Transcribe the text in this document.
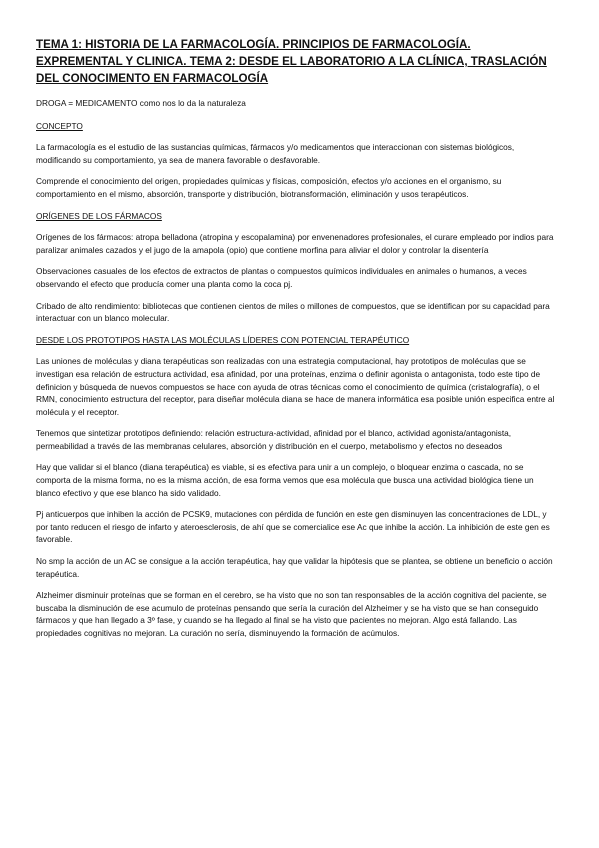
TEMA 1: HISTORIA DE LA FARMACOLOGÍA. PRINCIPIOS DE FARMACOLOGÍA. EXPREMENTAL Y CLINICA. TEMA 2: DESDE EL LABORATORIO A LA CLÍNICA, TRASLACIÓN DEL CONOCIMENTO EN FARMACOLOGÍA

DROGA = MEDICAMENTO como nos lo da la naturaleza

CONCEPTO

La farmacología es el estudio de las sustancias químicas, fármacos y/o medicamentos que interaccionan con sistemas biológicos, modificando su comportamiento, ya sea de manera favorable o desfavorable.

Comprende el conocimiento del origen, propiedades químicas y físicas, composición, efectos y/o acciones en el organismo, su comportamiento en el mismo, absorción, transporte y distribución, biotransformación, eliminación y usos terapéuticos.

ORÍGENES DE LOS FÁRMACOS

Orígenes de los fármacos: atropa belladona (atropina y escopalamina) por envenenadores profesionales, el curare empleado por indios para paralizar animales cazados y el jugo de la amapola (opio) que contiene morfina para aliviar el dolor y controlar la disentería

Observaciones casuales de los efectos de extractos de plantas o compuestos químicos individuales en animales o humanos, a veces observando el efecto que producía comer una planta como la coca pj.

Cribado de alto rendimiento: bibliotecas que contienen cientos de miles o millones de compuestos, que se identifican por su capacidad para interactuar con un blanco molecular.

DESDE LOS PROTOTIPOS HASTA LAS MOLÉCULAS LÍDERES CON POTENCIAL TERAPÉUTICO

Las uniones de moléculas y diana terapéuticas son realizadas con una estrategia computacional, hay prototipos de moléculas que se investigan esa relación de estructura actividad, esa afinidad, por una proteínas, enzima o definir agonista o antagonista, todo este tipo de definicion y búsqueda de nuevos compuestos se hace con ayuda de otras técnicas como el conocimiento de química (cristalografía), o el RMN, conocimiento estructura del receptor, para diseñar molécula diana se hace de manera informática esa posible unión especifica entre al molécula y el receptor.

Tenemos que sintetizar prototipos definiendo: relación estructura-actividad, afinidad por el blanco, actividad agonista/antagonista, permeabilidad a través de las membranas celulares, absorción y distribución en el cuerpo, metabolismo y efectos no deseados

Hay que validar si el blanco (diana terapéutica) es viable, si es efectiva para unir a un complejo, o bloquear enzima o cascada, no se comporta de la misma forma, no es la misma acción, de esa forma vemos que esa molécula que busca una actividad biológica tiene un blanco efectivo y que ese blanco ha sido validado.

Pj anticuerpos que inhiben la acción de PCSK9, mutaciones con pérdida de función en este gen disminuyen las concentraciones de LDL, y por tanto reducen el riesgo de infarto y ateroesclerosis, de ahí que se comercialice ese Ac que inhibe la acción. La inhibición de este gen es favorable.

No smp la acción de un AC se consigue a la acción terapéutica, hay que validar la hipótesis que se plantea, se obtiene un beneficio o acción terapéutica.

Alzheimer disminuir proteínas que se forman en el cerebro, se ha visto que no son tan responsables de la acción cognitiva del paciente, se buscaba la disminución de ese acumulo de proteínas pensando que sería la curación del Alzheimer y se ha visto que se han conseguido fármacos y que han llegado a 3º fase, y cuando se ha llegado al final se ha visto que pacientes no mejoran. Algo está fallando. Las propiedades cognitivas no mejoran. La curación no sería, disminuyendo la formación de acúmulos.
